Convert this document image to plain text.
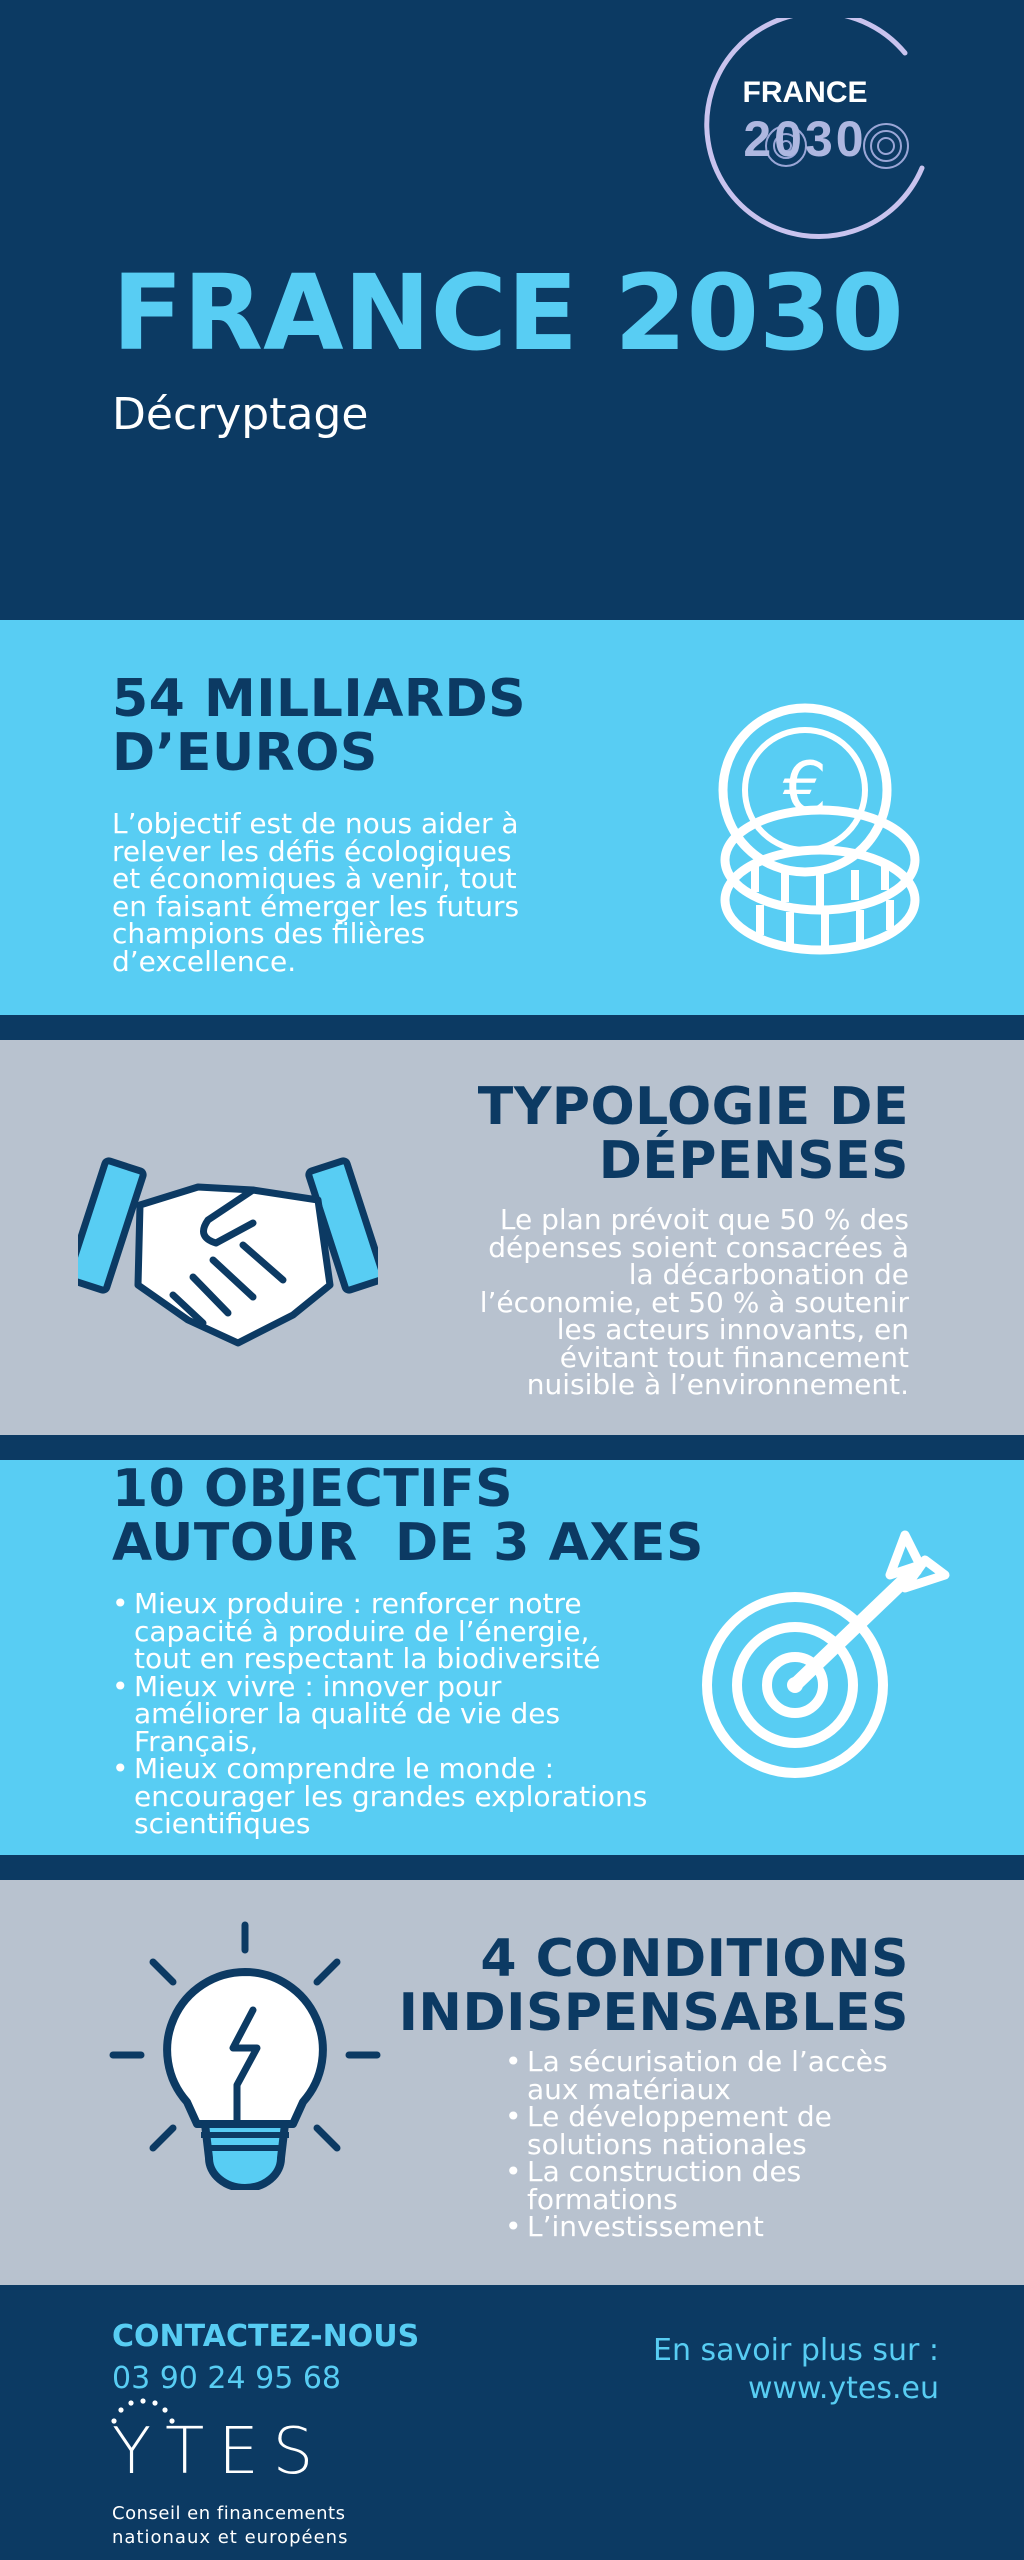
FRANCE
2030
FRANCE 2030
Décryptage
54 MILLIARDS
D’EUROS

L’objectif est de nous aider à

relever les défis écologiques

et économiques à venir, tout

en faisant émerger les futurs

champions des filières

d’excellence.

€
TYPOLOGIE DE
DÉPENSES

Le plan prévoit que 50 % des

dépenses soient consacrées à

la décarbonation de

l’économie, et 50 % à soutenir

les acteurs innovants, en

évitant tout financement

nuisible à l’environnement.

10 OBJECTIFS
AUTOUR  DE 3 AXES
• Mieux produire : renforcer notre
capacité à produire de l’énergie,
tout en respectant la biodiversité
• Mieux vivre : innover pour
améliorer la qualité de vie des
Français,
• Mieux comprendre le monde :
encourager les grandes explorations
scientifiques
4 CONDITIONS
INDISPENSABLES
• La sécurisation de l’accès
aux matériaux
• Le développement de
solutions nationales
• La construction des
formations
• L’investissement
CONTACTEZ-NOUS
03 90 24 95 68
YTES
Conseil en financements
nationaux et européens
En savoir plus sur :
www.ytes.eu
